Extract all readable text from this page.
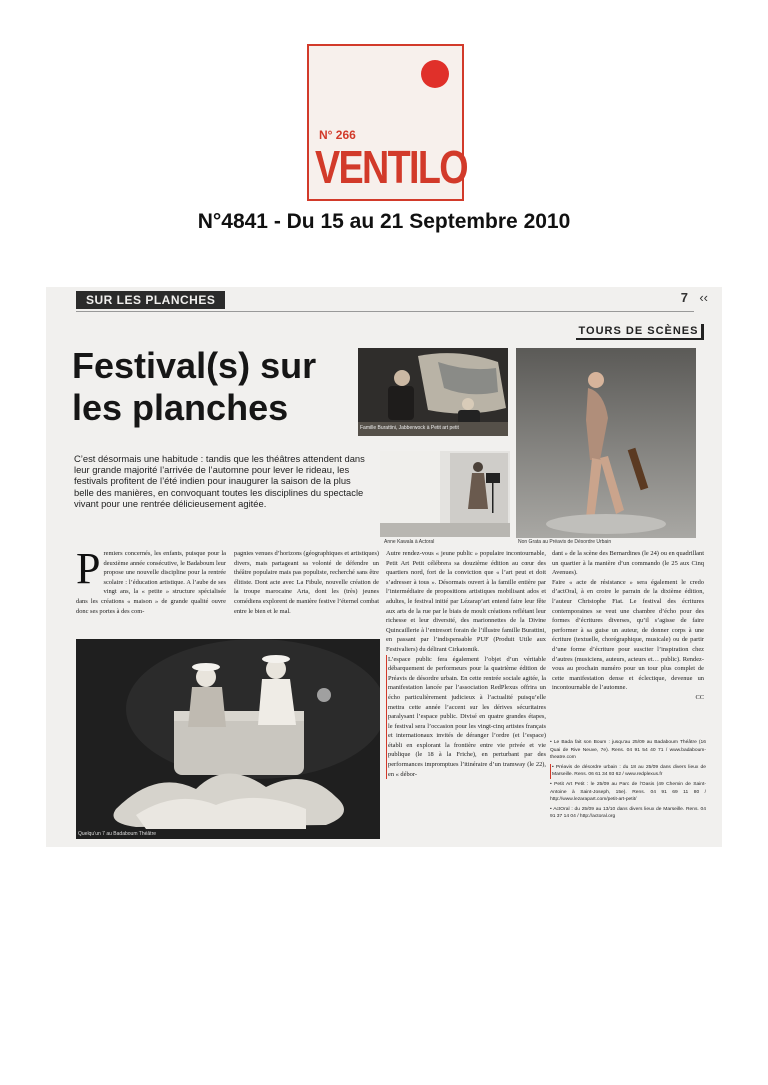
N° 266
VENTILO
N°4841 - Du 15 au 21 Septembre 2010
SUR LES PLANCHES	7 ‹‹
TOURS DE SCÈNES
Festival(s) sur les planches
C’est désormais une habitude : tandis que les théâtres attendent dans leur grande majorité l’arrivée de l’automne pour lever le rideau, les festivals profitent de l’été indien pour inaugurer la saison de la plus belle des manières, en convoquant toutes les disciplines du spectacle vivant pour une rentrée délicieusement agitée.
Famille Burattini, Jabberwock à Petit art petit
Anne Kawala à Actoral	Non Grata au Préavis de Désordre Urbain
Quelqu’un 7 au Badaboum Théâtre
P remiers concernés, les enfants, puisque pour la deuxième année consécutive, le Badaboum leur propose une nouvelle discipline pour la rentrée scolaire : l’éducation artistique. A l’aube de ses vingt ans, la « petite » structure spécialisée dans les créations « maison » de grande qualité ouvre donc ses portes à des com-

pagnies venues d’horizons (géographiques et artistiques) divers, mais partageant sa volonté de défendre un théâtre populaire mais pas populiste, recherché sans être élitiste. Dont acte avec La Fibule, nouvelle création de la troupe marocaine Arta, dont les (très) jeunes comédiens explorent de manière festive l’éternel combat entre le bien et le mal.

Autre rendez-vous « jeune public » populaire incontournable, Petit Art Petit célébrera sa douzième édition au cœur des quartiers nord, fort de la conviction que « l’art peut et doit s’adresser à tous ». Désormais ouvert à la famille entière par l’intermédiaire de propositions artistiques mobilisant ados et adultes, le festival initié par Lézarap’art entend faire leur fête aux arts de la rue par le biais de moult créations reflétant leur richesse et leur diversité, des marionnettes de la Divine Quincaillerie à l’entresort forain de l’illustre famille Burattini, en passant par l’indispensable PUF (Produit Utile aux Festivaliers) du délirant Cirkatomik.

L’espace public fera également l’objet d’un véritable débarquement de performeurs pour la quatrième édition de Préavis de désordre urbain. En cette rentrée sociale agitée, la manifestation lancée par l’association RedPlexus offrira un écho particulièrement judicieux à l’actualité puisqu’elle mettra cette année l’accent sur les dérives sécuritaires paralysant l’espace public. Divisé en quatre grandes étapes, le festival sera l’occasion pour les vingt-cinq artistes français et internationaux invités de déranger l’ordre (et l’espace) établi en explorant la frontière entre vie privée et vie publique (le 18 à la Friche), en perturbant par des performances impromptues l’itinéraire d’un tramway (le 22), en « débor-

dant » de la scène des Bernardines (le 24) ou en quadrillant un quartier à la manière d’un commando (le 25 aux Cinq Avenues).

Faire « acte de résistance » sera également le credo d’actOral, à en croire le parrain de la dixième édition, l’auteur Christophe Fiat. Le festival des écritures contemporaines se veut une chambre d’écho pour des formes d’écritures diverses, qu’il s’agisse de faire performer à sa guise un auteur, de donner corps à une écriture (textuelle, chorégraphique, musicale) ou de partir d’une forme d’écriture pour susciter l’inspiration chez d’autres (musiciens, auteurs, acteurs et… public). Rendez-vous au prochain numéro pour un tour plus complet de cette manifestation dense et éclectique, devenue un incontournable de l’automne.

CC

• Le Bada fait son Boum : jusqu’au 25/09 au Badaboum Théâtre (16 Quai de Rive Neuve, 7e). Rens. 04 91 54 40 71 / www.badaboum-theatre.com
• Préavis de désordre urbain : du 18 au 25/09 dans divers lieux de Marseille. Rens. 06 61 34 93 62 / www.redplexus.fr
• Petit Art Petit : le 25/09 au Parc de l’Oasis (49 Chemin de Saint-Antoine à Saint-Joseph, 15e). Rens. 04 91 69 11 80 / http://www.lezarapart.com/petit-art-petit/
• ActOral : du 25/09 au 13/10 dans divers lieux de Marseille. Rens. 04 91 37 14 04 / http://actoral.org
